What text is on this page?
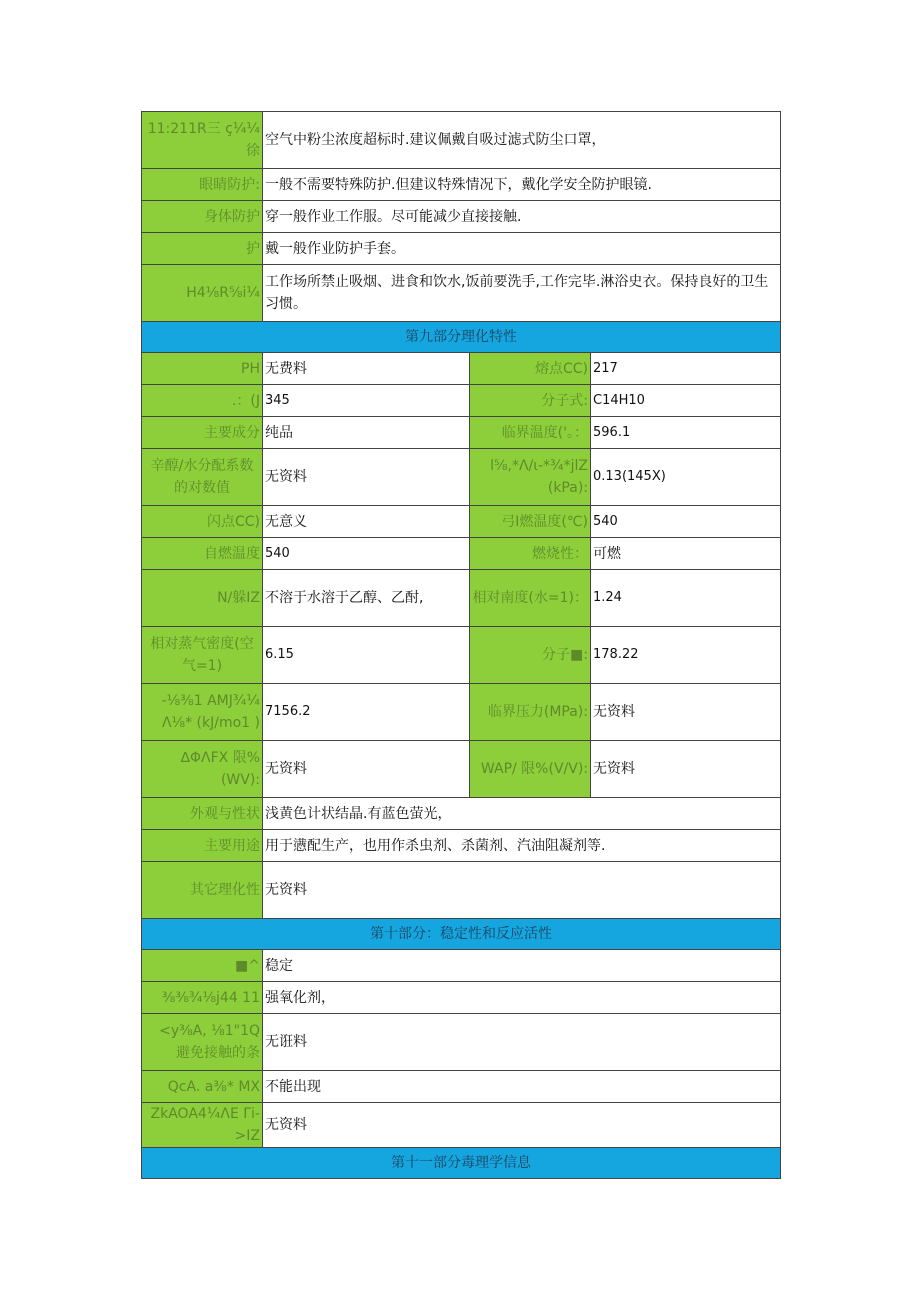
11:211R三 ç¼¼徐	空气中粉尘浓度超标时.建议佩戴自吸过滤式防尘口罩，		
眼睛防护:	一般不需要特殊防护.但建议特殊情况下，戴化学安全防护眼镜.		
身体防护	穿一般作业工作服。尽可能减少直接接触.		
护	戴一般作业防护手套。		
H4⅛R⅝i¼	工作场所禁止吸烟、进食和饮水,饭前要洗手,工作完毕.淋浴史衣。保持良好的卫生习惯。		
第九部分理化特性			
PH	无费料	熔点CC)	217
.：(J	345	分子式:	C14H10
主要成分	纯品	临界温度('。：	596.1
辛醇/水分配系数的对数值	无资料	l⅝,*Λ/ι-*¾*jlZ (kPa):	0.13(145X)
闪点CC)	无意义	弓I燃温度(℃)	540
自燃温度	540	燃烧性：	可燃
N/躲IZ	不溶于水溶于乙醇、乙酎,	相对南度(水=1)：	1.24
相对蒸气密度(空气=1)	6.15	分子■:	178.22
-⅛⅜1 AMJ¾¼ Λ⅛* (kJ/mo1 )	7156.2	临界压力(MPa):	无资料
∆ΦΛFX 限%(WV):	无资料	WAP/ 限%(V/V):	无资料
外观与性状	浅黄色计状结晶.有蓝色萤光，		
主要用途	用于懑配生产，也用作杀虫剂、杀菌剂、汽油阻凝剂等.		
其它理化性	无资料		
第十部分：稳定性和反应活性			
■^	稳定		
⅜⅜¾⅛j44 11	强氧化剂，		
<y⅜A, ⅛1"1Q 避免接触的条	无诳料		
QcA. a⅜* MX	不能出现		
ZkAOA4¼ΛE Γi->IZ	无资料		
第十一部分毒理学信息			
